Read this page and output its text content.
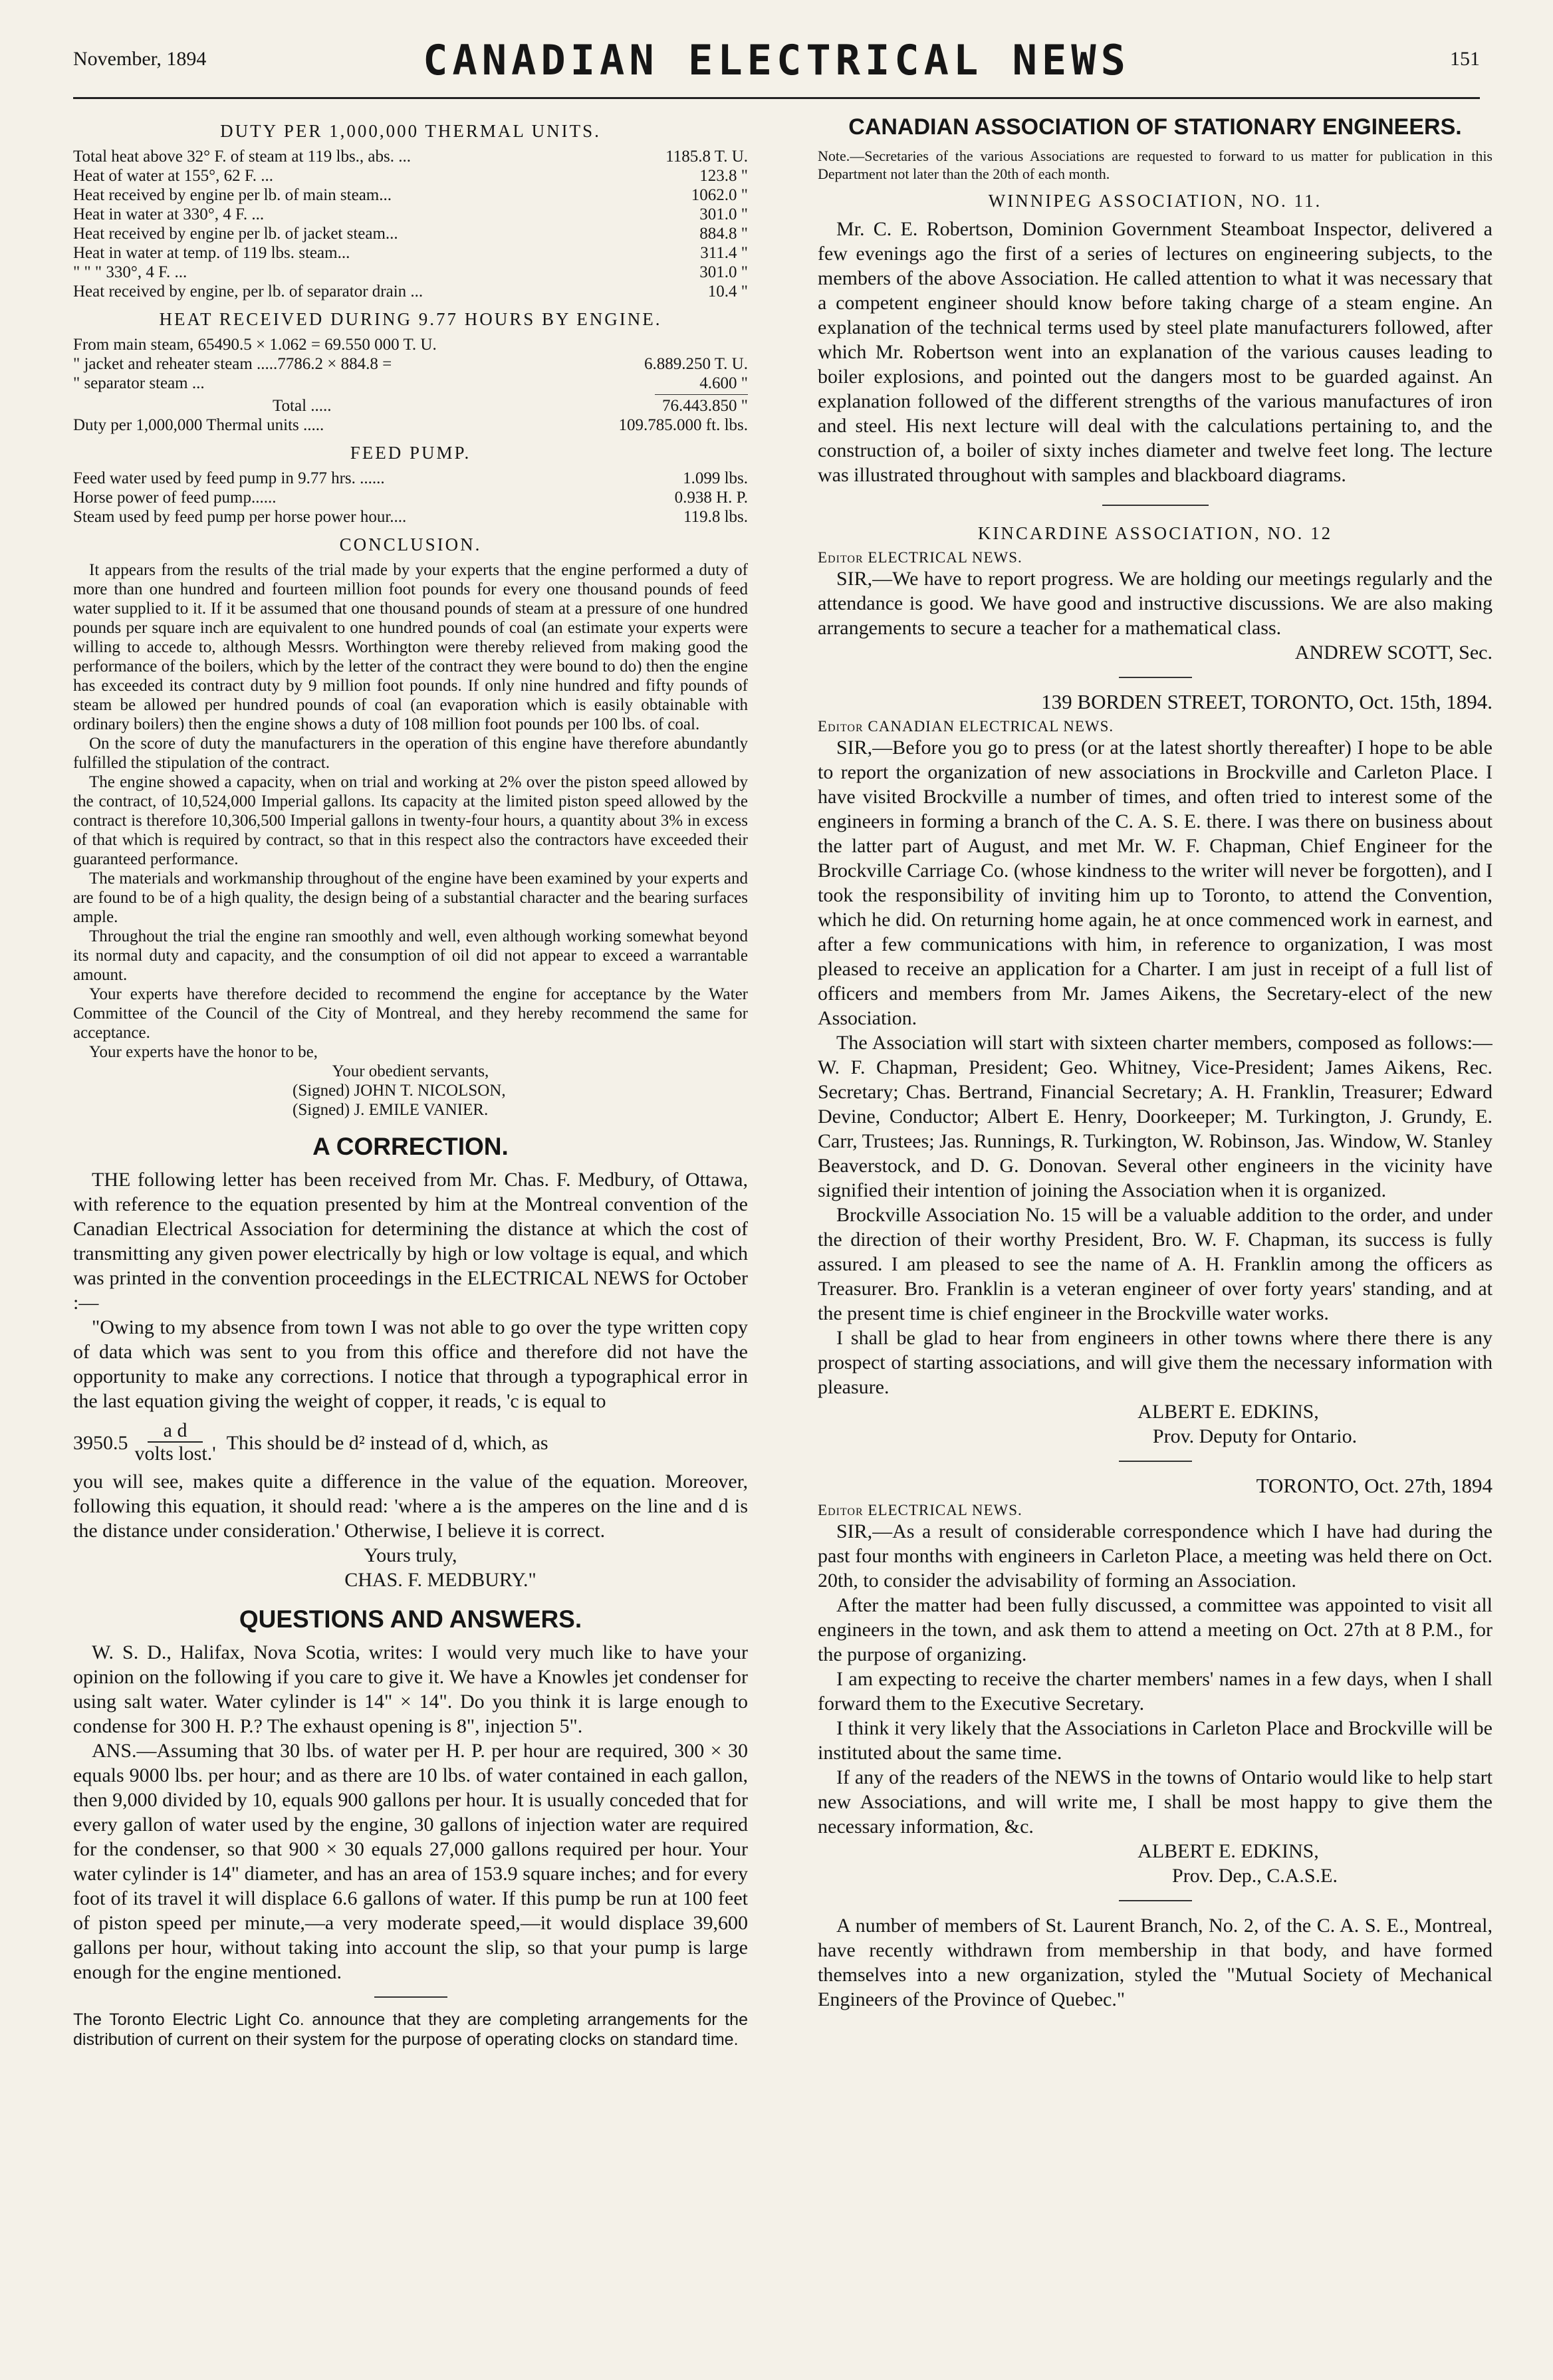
November, 1894	CANADIAN ELECTRICAL NEWS	151
DUTY PER 1,000,000 THERMAL UNITS.
Total heat above 32° F. of steam at 119 lbs., abs. ...	1185.8 T. U.
Heat of water at 155°, 62 F. ...	123.8 "
Heat received by engine per lb. of main steam...	1062.0 "
Heat in water at 330°, 4 F. ...	301.0 "
Heat received by engine per lb. of jacket steam...	884.8 "
Heat in water at temp. of 119 lbs. steam...	311.4 "
" " " 330°, 4 F. ...	301.0 "
Heat received by engine, per lb. of separator drain ...	10.4 "
HEAT RECEIVED DURING 9.77 HOURS BY ENGINE.
From main steam, 65490.5 × 1.062 = 69.550 000 T. U.
" jacket and reheater steam .....7786.2 × 884.8 =	6.889.250 T. U.
" separator steam ...	4.600 "
Total .....	76.443.850 "
Duty per 1,000,000 Thermal units .....	109.785.000 ft. lbs.
FEED PUMP.
Feed water used by feed pump in 9.77 hrs. ......	1.099 lbs.
Horse power of feed pump......	0.938 H. P.
Steam used by feed pump per horse power hour....	119.8 lbs.
CONCLUSION.

It appears from the results of the trial made by your experts that the engine performed a duty of more than one hundred and fourteen million foot pounds for every one thousand pounds of feed water supplied to it. If it be assumed that one thousand pounds of steam at a pressure of one hundred pounds per square inch are equivalent to one hundred pounds of coal (an estimate your experts were willing to accede to, although Messrs. Worthington were thereby relieved from making good the performance of the boilers, which by the letter of the contract they were bound to do) then the engine has exceeded its contract duty by 9 million foot pounds. If only nine hundred and fifty pounds of steam be allowed per hundred pounds of coal (an evaporation which is easily obtainable with ordinary boilers) then the engine shows a duty of 108 million foot pounds per 100 lbs. of coal.

On the score of duty the manufacturers in the operation of this engine have therefore abundantly fulfilled the stipulation of the contract.

The engine showed a capacity, when on trial and working at 2% over the piston speed allowed by the contract, of 10,524,000 Imperial gallons. Its capacity at the limited piston speed allowed by the contract is therefore 10,306,500 Imperial gallons in twenty-four hours, a quantity about 3% in excess of that which is required by contract, so that in this respect also the contractors have exceeded their guaranteed performance.

The materials and workmanship throughout of the engine have been examined by your experts and are found to be of a high quality, the design being of a substantial character and the bearing surfaces ample.

Throughout the trial the engine ran smoothly and well, even although working somewhat beyond its normal duty and capacity, and the consumption of oil did not appear to exceed a warrantable amount.

Your experts have therefore decided to recommend the engine for acceptance by the Water Committee of the Council of the City of Montreal, and they hereby recommend the same for acceptance.

Your experts have the honor to be,

Your obedient servants,
(Signed) JOHN T. NICOLSON,
(Signed) J. EMILE VANIER.
A CORRECTION.

THE following letter has been received from Mr. Chas. F. Medbury, of Ottawa, with reference to the equation presented by him at the Montreal convention of the Canadian Electrical Association for determining the distance at which the cost of transmitting any given power electrically by high or low voltage is equal, and which was printed in the convention proceedings in the ELECTRICAL NEWS for October :—

"Owing to my absence from town I was not able to go over the type written copy of data which was sent to you from this office and therefore did not have the opportunity to make any corrections. I notice that through a typographical error in the last equation giving the weight of copper, it reads, 'c is equal to

$3950.5 \frac{\text{a d}}{\text{volts lost.'}}$ This should be d² instead of d, which, as

you will see, makes quite a difference in the value of the equation. Moreover, following this equation, it should read: 'where a is the amperes on the line and d is the distance under consideration.' Otherwise, I believe it is correct.

Yours truly,
CHAS. F. MEDBURY."
QUESTIONS AND ANSWERS.

W. S. D., Halifax, Nova Scotia, writes: I would very much like to have your opinion on the following if you care to give it. We have a Knowles jet condenser for using salt water. Water cylinder is 14" × 14". Do you think it is large enough to condense for 300 H. P.? The exhaust opening is 8", injection 5".

ANS.—Assuming that 30 lbs. of water per H. P. per hour are required, 300 × 30 equals 9000 lbs. per hour; and as there are 10 lbs. of water contained in each gallon, then 9,000 divided by 10, equals 900 gallons per hour. It is usually conceded that for every gallon of water used by the engine, 30 gallons of injection water are required for the condenser, so that 900 × 30 equals 27,000 gallons required per hour. Your water cylinder is 14" diameter, and has an area of 153.9 square inches; and for every foot of its travel it will displace 6.6 gallons of water. If this pump be run at 100 feet of piston speed per minute,—a very moderate speed,—it would displace 39,600 gallons per hour, without taking into account the slip, so that your pump is large enough for the engine mentioned.

The Toronto Electric Light Co. announce that they are completing arrangements for the distribution of current on their system for the purpose of operating clocks on standard time.
CANADIAN ASSOCIATION OF STATIONARY ENGINEERS.
Note.—Secretaries of the various Associations are requested to forward to us matter for publication in this Department not later than the 20th of each month.
WINNIPEG ASSOCIATION, NO. 11.

Mr. C. E. Robertson, Dominion Government Steamboat Inspector, delivered a few evenings ago the first of a series of lectures on engineering subjects, to the members of the above Association. He called attention to what it was necessary that a competent engineer should know before taking charge of a steam engine. An explanation of the technical terms used by steel plate manufacturers followed, after which Mr. Robertson went into an explanation of the various causes leading to boiler explosions, and pointed out the dangers most to be guarded against. An explanation followed of the different strengths of the various manufactures of iron and steel. His next lecture will deal with the calculations pertaining to, and the construction of, a boiler of sixty inches diameter and twelve feet long. The lecture was illustrated throughout with samples and blackboard diagrams.

KINCARDINE ASSOCIATION, NO. 12
Editor ELECTRICAL NEWS.

SIR,—We have to report progress. We are holding our meetings regularly and the attendance is good. We have good and instructive discussions. We are also making arrangements to secure a teacher for a mathematical class.

ANDREW SCOTT, Sec.
139 BORDEN STREET, TORONTO, Oct. 15th, 1894.
Editor CANADIAN ELECTRICAL NEWS.

SIR,—Before you go to press (or at the latest shortly thereafter) I hope to be able to report the organization of new associations in Brockville and Carleton Place. I have visited Brockville a number of times, and often tried to interest some of the engineers in forming a branch of the C. A. S. E. there. I was there on business about the latter part of August, and met Mr. W. F. Chapman, Chief Engineer for the Brockville Carriage Co. (whose kindness to the writer will never be forgotten), and I took the responsibility of inviting him up to Toronto, to attend the Convention, which he did. On returning home again, he at once commenced work in earnest, and after a few communications with him, in reference to organization, I was most pleased to receive an application for a Charter. I am just in receipt of a full list of officers and members from Mr. James Aikens, the Secretary-elect of the new Association.

The Association will start with sixteen charter members, composed as follows:—W. F. Chapman, President; Geo. Whitney, Vice-President; James Aikens, Rec. Secretary; Chas. Bertrand, Financial Secretary; A. H. Franklin, Treasurer; Edward Devine, Conductor; Albert E. Henry, Doorkeeper; M. Turkington, J. Grundy, E. Carr, Trustees; Jas. Runnings, R. Turkington, W. Robinson, Jas. Window, W. Stanley Beaverstock, and D. G. Donovan. Several other engineers in the vicinity have signified their intention of joining the Association when it is organized.

Brockville Association No. 15 will be a valuable addition to the order, and under the direction of their worthy President, Bro. W. F. Chapman, its success is fully assured. I am pleased to see the name of A. H. Franklin among the officers as Treasurer. Bro. Franklin is a veteran engineer of over forty years' standing, and at the present time is chief engineer in the Brockville water works.

I shall be glad to hear from engineers in other towns where there there is any prospect of starting associations, and will give them the necessary information with pleasure.

ALBERT E. EDKINS,
Prov. Deputy for Ontario.
TORONTO, Oct. 27th, 1894
Editor ELECTRICAL NEWS.

SIR,—As a result of considerable correspondence which I have had during the past four months with engineers in Carleton Place, a meeting was held there on Oct. 20th, to consider the advisability of forming an Association.

After the matter had been fully discussed, a committee was appointed to visit all engineers in the town, and ask them to attend a meeting on Oct. 27th at 8 P.M., for the purpose of organizing.

I am expecting to receive the charter members' names in a few days, when I shall forward them to the Executive Secretary.

I think it very likely that the Associations in Carleton Place and Brockville will be instituted about the same time.

If any of the readers of the NEWS in the towns of Ontario would like to help start new Associations, and will write me, I shall be most happy to give them the necessary information, &c.

ALBERT E. EDKINS,
Prov. Dep., C.A.S.E.

A number of members of St. Laurent Branch, No. 2, of the C. A. S. E., Montreal, have recently withdrawn from membership in that body, and have formed themselves into a new organization, styled the "Mutual Society of Mechanical Engineers of the Province of Quebec."
